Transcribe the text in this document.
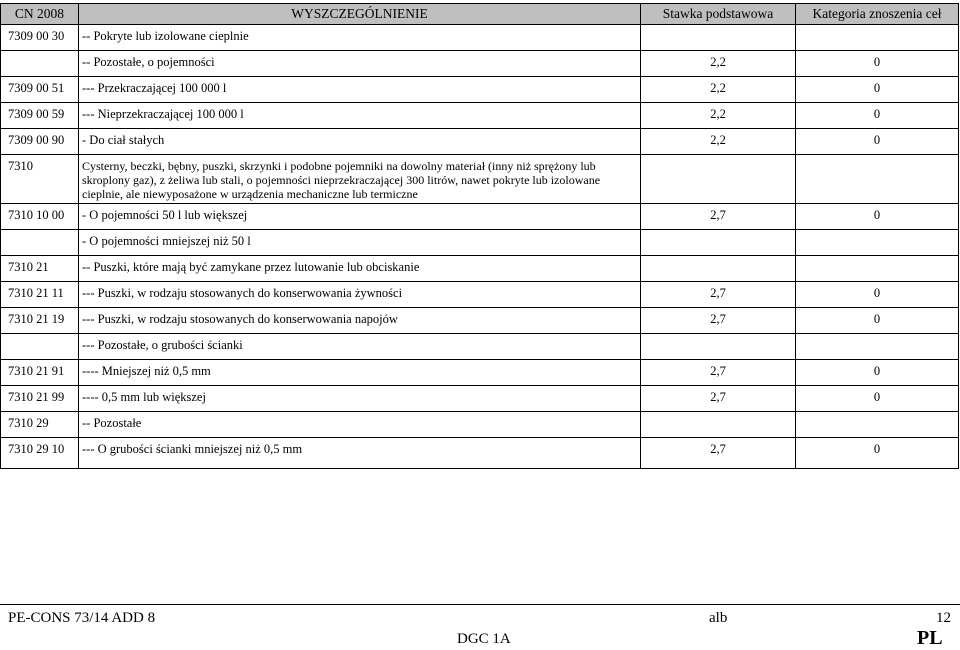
CN 2008	WYSZCZEGÓLNIENIE	Stawka podstawowa	Kategoria znoszenia ceł
7309 00 30	-- Pokryte lub izolowane cieplnie		
	-- Pozostałe, o pojemności	2,2	0
7309 00 51	--- Przekraczającej 100 000 l	2,2	0
7309 00 59	--- Nieprzekraczającej 100 000 l	2,2	0
7309 00 90	- Do ciał stałych	2,2	0
7310	Cysterny, beczki, bębny, puszki, skrzynki i podobne pojemniki na dowolny materiał (inny niż sprężony lub skroplony gaz), z żeliwa lub stali, o pojemności nieprzekraczającej 300 litrów, nawet pokryte lub izolowane cieplnie, ale niewyposażone w urządzenia mechaniczne lub termiczne		
7310 10 00	- O pojemności 50 l lub większej	2,7	0
	- O pojemności mniejszej niż 50 l		
7310 21	-- Puszki, które mają być zamykane przez lutowanie lub obciskanie		
7310 21 11	--- Puszki, w rodzaju stosowanych do konserwowania żywności	2,7	0
7310 21 19	--- Puszki, w rodzaju stosowanych do konserwowania napojów	2,7	0
	--- Pozostałe, o grubości ścianki		
7310 21 91	---- Mniejszej niż 0,5 mm	2,7	0
7310 21 99	---- 0,5 mm lub większej	2,7	0
7310 29	-- Pozostałe		
7310 29 10	--- O grubości ścianki mniejszej niż 0,5 mm	2,7	0
PE-CONS 73/14 ADD 8	alb	12
DGC 1A	PL
